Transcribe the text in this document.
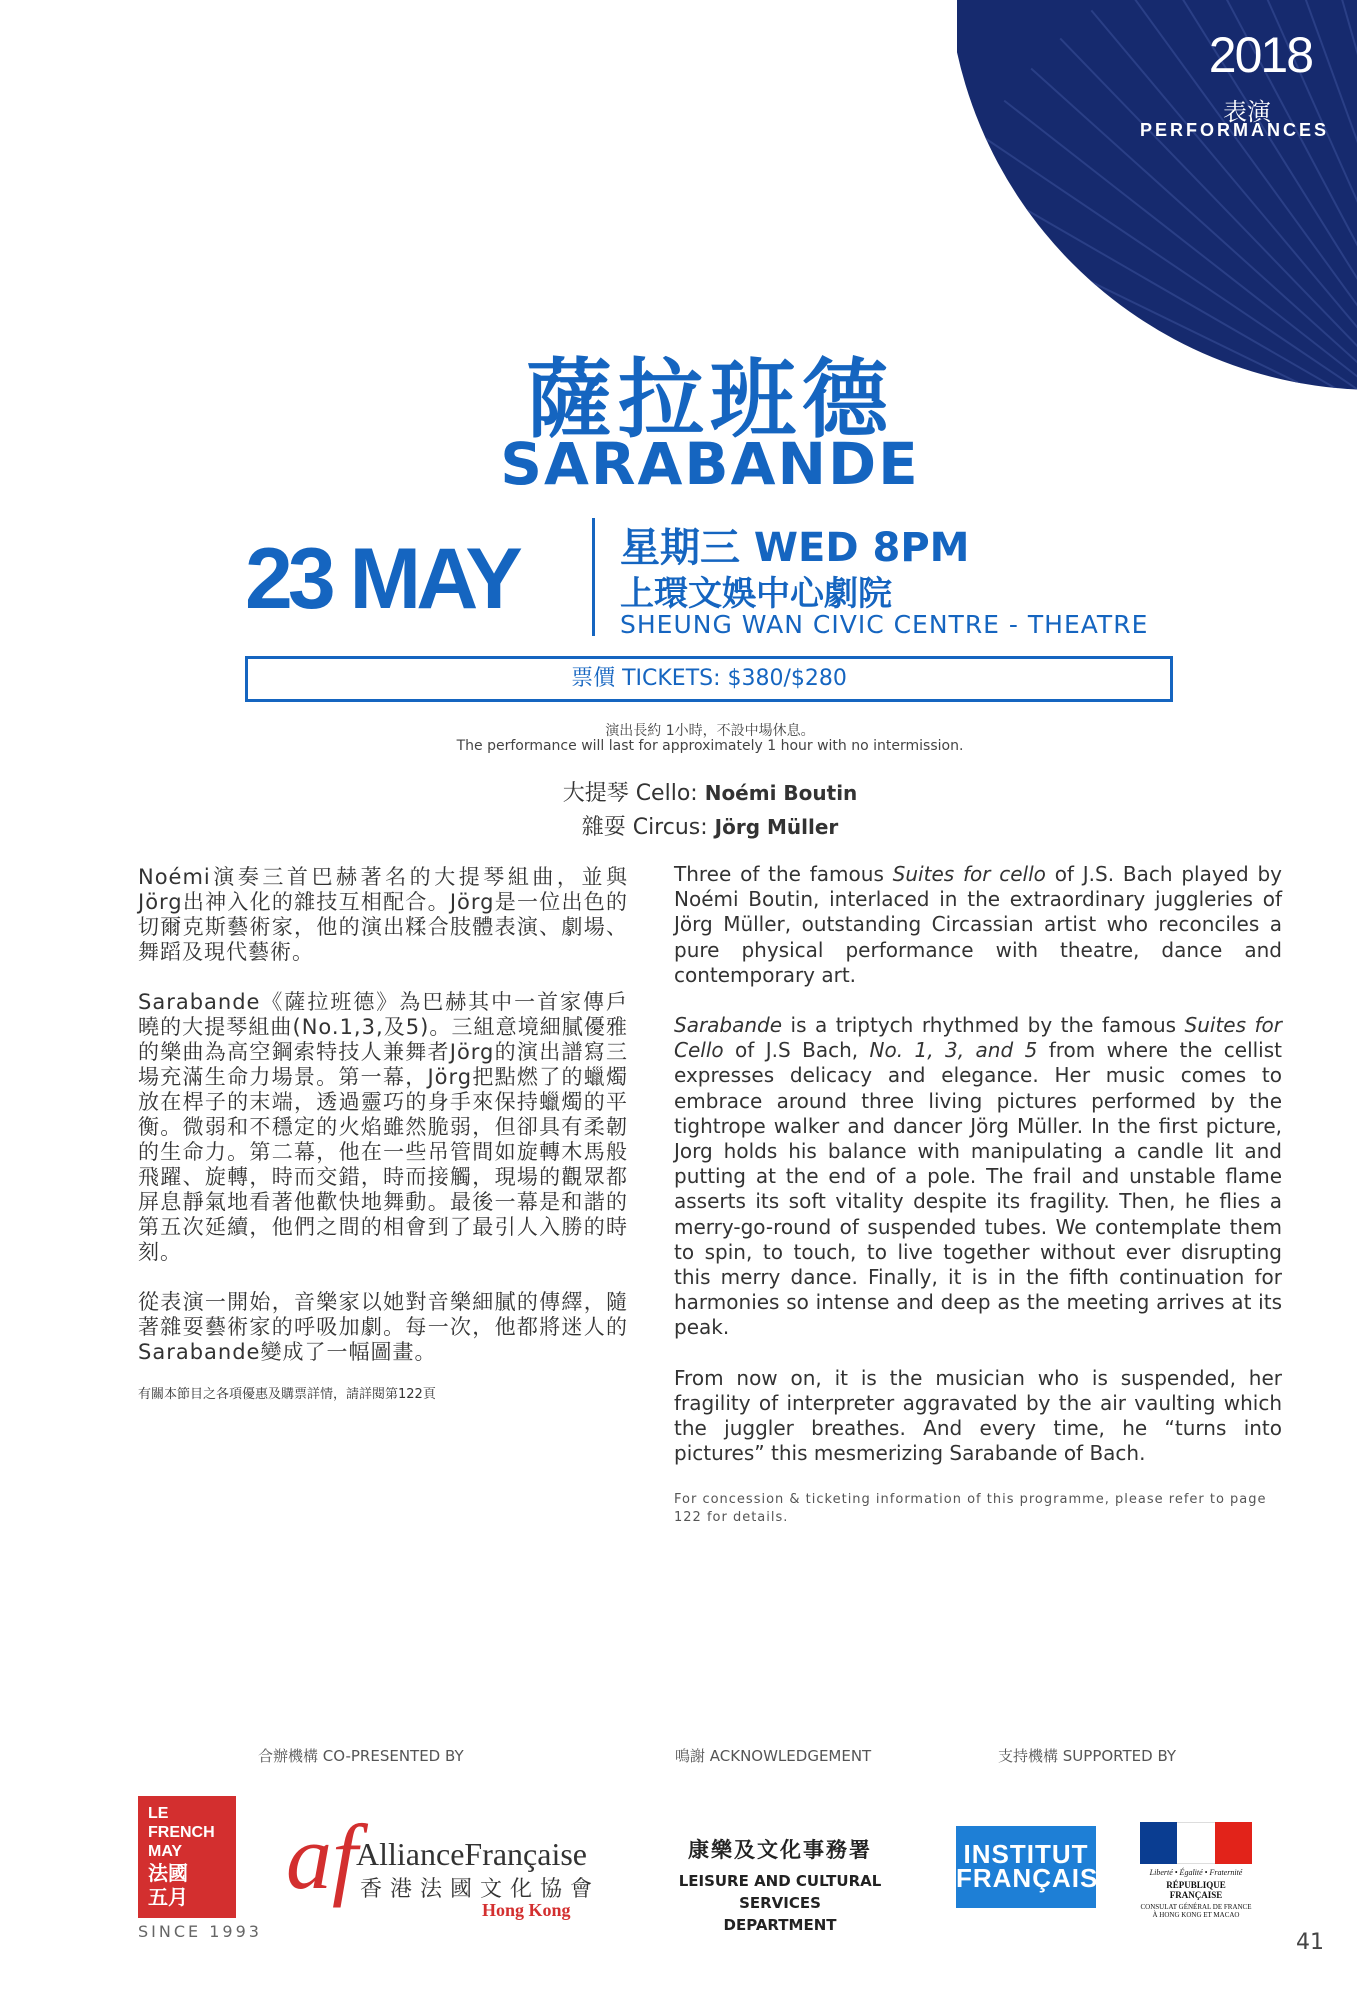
2018
表演
PERFORMANCES
薩拉班德
SARABANDE
23 MAY	星期三 WED 8PM
上環文娛中心劇院
SHEUNG WAN CIVIC CENTRE - THEATRE
票價 TICKETS: $380/$280
演出長約 1小時，不設中場休息。
The performance will last for approximately 1 hour with no intermission.
大提琴 Cello: Noémi Boutin
雜耍 Circus: Jörg Müller

Noémi演奏三首巴赫著名的大提琴組曲，並與Jörg出神入化的雜技互相配合。Jörg是一位出色的切爾克斯藝術家，他的演出糅合肢體表演、劇場、舞蹈及現代藝術。

Sarabande《薩拉班德》為巴赫其中一首家傳戶曉的大提琴組曲(No.1,3,及5)。三組意境細膩優雅的樂曲為高空鋼索特技人兼舞者Jörg的演出譜寫三場充滿生命力場景。第一幕，Jörg把點燃了的蠟燭放在桿子的末端，透過靈巧的身手來保持蠟燭的平衡。微弱和不穩定的火焰雖然脆弱，但卻具有柔韌的生命力。第二幕，他在一些吊管間如旋轉木馬般飛躍、旋轉，時而交錯，時而接觸，現場的觀眾都屏息靜氣地看著他歡快地舞動。最後一幕是和諧的第五次延續，他們之間的相會到了最引人入勝的時刻。

從表演一開始，音樂家以她對音樂細膩的傳繹，隨著雜耍藝術家的呼吸加劇。每一次，他都將迷人的Sarabande變成了一幅圖畫。

有關本節目之各項優惠及購票詳情，請詳閱第122頁

Three of the famous Suites for cello of J.S. Bach played by Noémi Boutin, interlaced in the extraordinary juggleries of Jörg Müller, outstanding Circassian artist who reconciles a pure physical performance with theatre, dance and contemporary art.

Sarabande is a triptych rhythmed by the famous Suites for Cello of J.S Bach, No. 1, 3, and 5 from where the cellist expresses delicacy and elegance. Her music comes to embrace around three living pictures performed by the tightrope walker and dancer Jörg Müller. In the first picture, Jorg holds his balance with manipulating a candle lit and putting at the end of a pole. The frail and unstable flame asserts its soft vitality despite its fragility. Then, he flies a merry-go-round of suspended tubes. We contemplate them to spin, to touch, to live together without ever disrupting this merry dance. Finally, it is in the fifth continuation for harmonies so intense and deep as the meeting arrives at its peak.

From now on, it is the musician who is suspended, her fragility of interpreter aggravated by the air vaulting which the juggler breathes. And every time, he “turns into pictures” this mesmerizing Sarabande of Bach.

For concession & ticketing information of this programme, please refer to page 122 for details.
合辦機構 CO-PRESENTED BY	鳴謝 ACKNOWLEDGEMENT	支持機構 SUPPORTED BY
LE
FRENCH
MAY
法國
五月
SINCE 1993
af
AllianceFrançaise
香港法國文化協會
Hong Kong
康樂及文化事務署
LEISURE AND CULTURAL SERVICES
DEPARTMENT
INSTITUT
FRANÇAIS	Liberté • Égalité • Fraternité
RÉPUBLIQUE FRANÇAISE
CONSULAT GÉNÉRAL DE FRANCE
À HONG KONG ET MACAO
41
